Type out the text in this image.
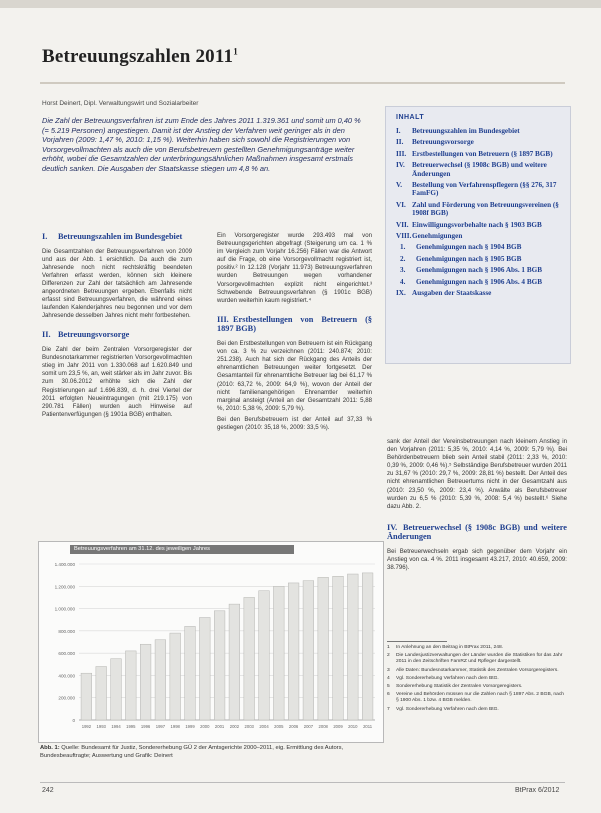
Betreuungszahlen 2011$^1$
Horst Deinert, Dipl. Verwaltungswirt und Sozialarbeiter
Die Zahl der Betreuungsverfahren ist zum Ende des Jahres 2011 1.319.361 und somit um 0,40 % (= 5.219 Personen) angestiegen. Damit ist der Anstieg der Verfahren weit geringer als in den Vorjahren (2009: 1,47 %, 2010: 1,15 %). Weiterhin haben sich sowohl die Registrierungen von Vorsorgevollmachten als auch die von Berufsbetreuern gestellten Genehmigungsanträge weiter erhöht, wobei die Gesamtzahlen der unterbringungsähnlichen Maßnahmen insgesamt erstmals deutlich sanken. Die Ausgaben der Staatskasse stiegen um 4,8 % an.
INHALT
I.	Betreuungszahlen im Bundesgebiet
II.	Betreuungsvorsorge
III. Erstbestellungen von Betreuern (§ 1897 BGB)
IV. Betreuerwechsel (§ 1908c BGB) und weitere Änderungen
V.	Bestellung von Verfahrenspflegern (§§ 276, 317 FamFG)
VI. Zahl und Förderung von Betreuungsvereinen (§ 1908f BGB)
VII. Einwilligungsvorbehalte nach § 1903 BGB
VIII. Genehmigungen
1.	Genehmigungen nach § 1904 BGB
2.	Genehmigungen nach § 1905 BGB
3.	Genehmigungen nach § 1906 Abs. 1 BGB
4.	Genehmigungen nach § 1906 Abs. 4 BGB
IX. Ausgaben der Staatskasse
I. Betreuungszahlen im Bundesgebiet

Die Gesamtzahlen der Betreuungsverfahren von 2009 und aus der Abb. 1 ersichtlich. Da auch die zum Jahresende noch nicht rechtskräftig beendeten Verfahren erfasst werden, können sich kleinere Differenzen zur Zahl der tatsächlich am Jahresende angeordneten Betreuungen ergeben. Ebenfalls nicht erfasst sind Betreuungsverfahren, die während eines laufenden Kalenderjahres neu begonnen und vor dem Jahresende desselben Jahres nicht mehr fortbestehen.

II. Betreuungsvorsorge

Die Zahl der beim Zentralen Vorsorgeregister der Bundesnotarkammer registrierten Vorsorgevollmachten stieg im Jahr 2011 von 1.330.068 auf 1.620.849 und somit um 23,5 %, an, weit stärker als im Jahr zuvor. Bis zum 30.06.2012 erhöhte sich die Zahl der Registrierungen auf 1.696.839, d. h. drei Viertel der 2011 erfolgten Neueintragungen (mit 219.175) von 290.781 Fällen) wurden auch Hinweise auf Patientenverfügungen (§ 1901a BGB) enthalten.

Ein Vorsorgeregister wurde 293.493 mal von Betreuungsgerichten abgefragt (Steigerung um ca. 1 % im Vergleich zum Vorjahr 16.256) Fällen war die Antwort auf die Frage, ob eine Vorsorgevollmacht registriert ist, positiv.² In 12.128 (Vorjahr 11.973) Betreuungsverfahren wurden Betreuungen wegen vorhandener Vorsorgevollmachten explizit nicht eingerichtet.³ Schwebende Betreuungsverfahren (§ 1901c BGB) wurden weiterhin kaum registriert.⁴

III. Erstbestellungen von Betreuern (§ 1897 BGB)

Bei den Erstbestellungen von Betreuern ist ein Rückgang von ca. 3 % zu verzeichnen (2011: 240.874; 2010: 251.238). Auch hat sich der Rückgang des Anteils der ehrenamtlichen Betreuungen weiter fortgesetzt. Der Gesamtanteil für ehrenamtliche Betreuer lag bei 61,17 % (2010: 63,72 %, 2009: 64,9 %), wovon der Anteil der nicht familienangehörigen Ehrenamtler weiterhin marginal ansteigt (Anteil an der Gesamtzahl 2011: 5,88 %, 2010: 5,38 %, 2009: 5,79 %).

Bei den Berufsbetreuern ist der Anteil auf 37,33 % gestiegen (2010: 35,18 %, 2009: 33,5 %).

sank der Anteil der Vereinsbetreuungen nach kleinem Anstieg in den Vorjahren (2011: 5,35 %, 2010: 4,14 %, 2009: 5,79 %). Bei Behördenbetreuern blieb sein Anteil stabil (2011: 2,33 %, 2010: 0,39 %, 2009: 0,46 %).⁵ Selbständige Berufsbetreuer wurden 2011 zu 31,67 % (2010: 29,7 %, 2009: 28,81 %) bestellt. Der Anteil des nicht ehrenamtlichen Betreuertums nicht in der Gesamtzahl aus (2010: 23,50 %, 2009: 23,4 %). Anwälte als Berufsbetreuer wurden zu 6,5 % (2010: 5,39 %, 2008: 5,4 %) bestellt.⁶ Siehe dazu Abb. 2.

IV. Betreuerwechsel (§ 1908c BGB) und weitere Änderungen

Bei Betreuerwechseln ergab sich gegenüber dem Vorjahr ein Anstieg von ca. 4 %. 2011 insgesamt 43.217, 2010: 40.659, 2009: 38.796).

0
200.000
400.000
600.000
800.000
1.000.000
1.200.000
1.400.000
1992 1993 1994 1995 1996 1997 1998 1999 2000 2001 2002 2003 2004 2005 2006 2007 2008 2009 2010 2011
Betreuungsverfahren am 31.12. des jeweiligen Jahres
Abb. 1: Quelle: Bundesamt für Justiz, Sondererhebung GÜ 2 der Amtsgerichte 2000–2011, eig. Ermittlung des Autors, Bundesbeauftragte; Auswertung und Grafik: Deinert
1	In Anlehnung an den Beitrag in BtPrax 2011, 248.
2	Die Landesjustizverwaltungen der Länder wurden die Statistiken für das Jahr 2011 in den Zeitschriften FamRZ und Rpfleger dargestellt.
3	Alle Daten: Bundesnotarkammer, Statistik des Zentralen Vorsorgeregisters.
4	Vgl. Sondererhebung Verfahren nach dem BtG.
5	Sondererhebung Statistik der Zentralen Vorsorgeregisters.
6	Vereine und Behörden müssen nur die Zahlen nach § 1897 Abs. 2 BGB, nach § 1900 Abs. 1 bzw. 4 BGB melden.
7	Vgl. Sondererhebung Verfahren nach dem BtG.
242	BtPrax 6/2012
